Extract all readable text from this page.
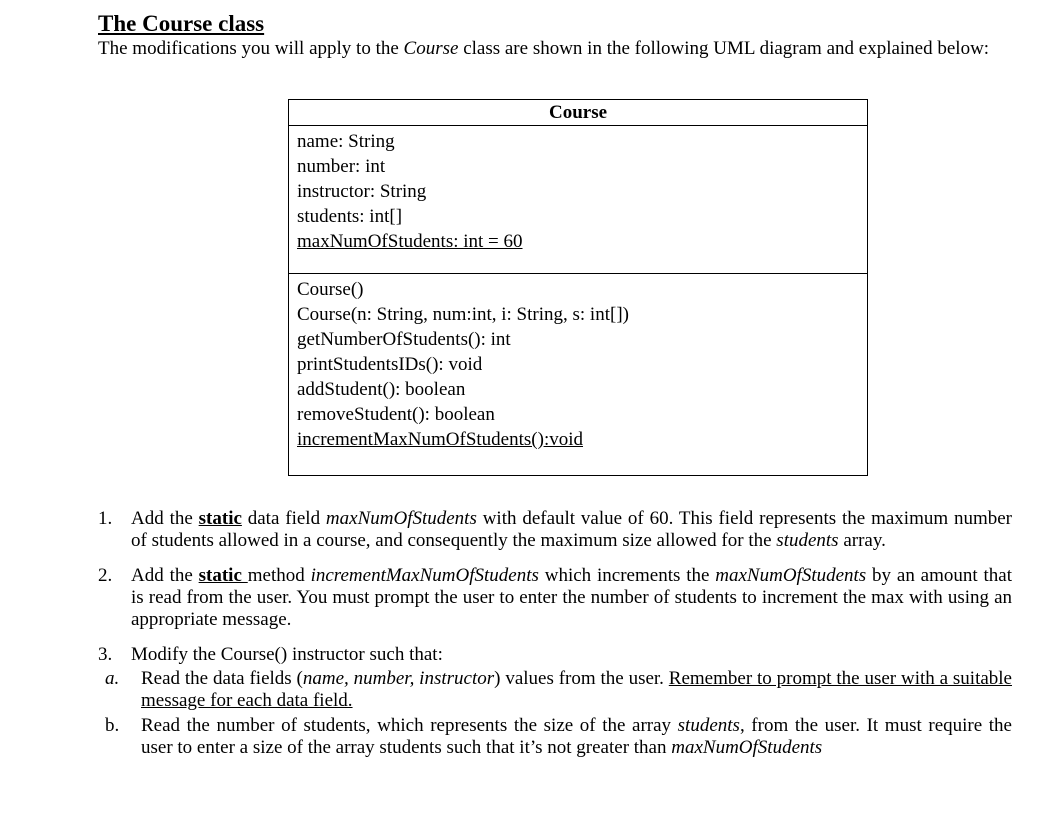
The Course class

The modifications you will apply to the Course class are shown in the following UML diagram and explained below:

Course
name: String
number: int
instructor: String
students: int[]
maxNumOfStudents: int = 60
Course()
Course(n: String, num:int, i: String, s: int[])
getNumberOfStudents(): int
printStudentsIDs(): void
addStudent(): boolean
removeStudent(): boolean
incrementMaxNumOfStudents():void
1. Add the static data field maxNumOfStudents with default value of 60. This field represents the maximum number of students allowed in a course, and consequently the maximum size allowed for the students array.
2. Add the static method incrementMaxNumOfStudents which increments the maxNumOfStudents by an amount that is read from the user. You must prompt the user to enter the number of students to increment the max with using an appropriate message.
3. Modify the Course() instructor such that:
a. Read the data fields (name, number, instructor) values from the user. Remember to prompt the user with a suitable message for each data field.
b. Read the number of students, which represents the size of the array students, from the user. It must require the user to enter a size of the array students such that it’s not greater than maxNumOfStudents
